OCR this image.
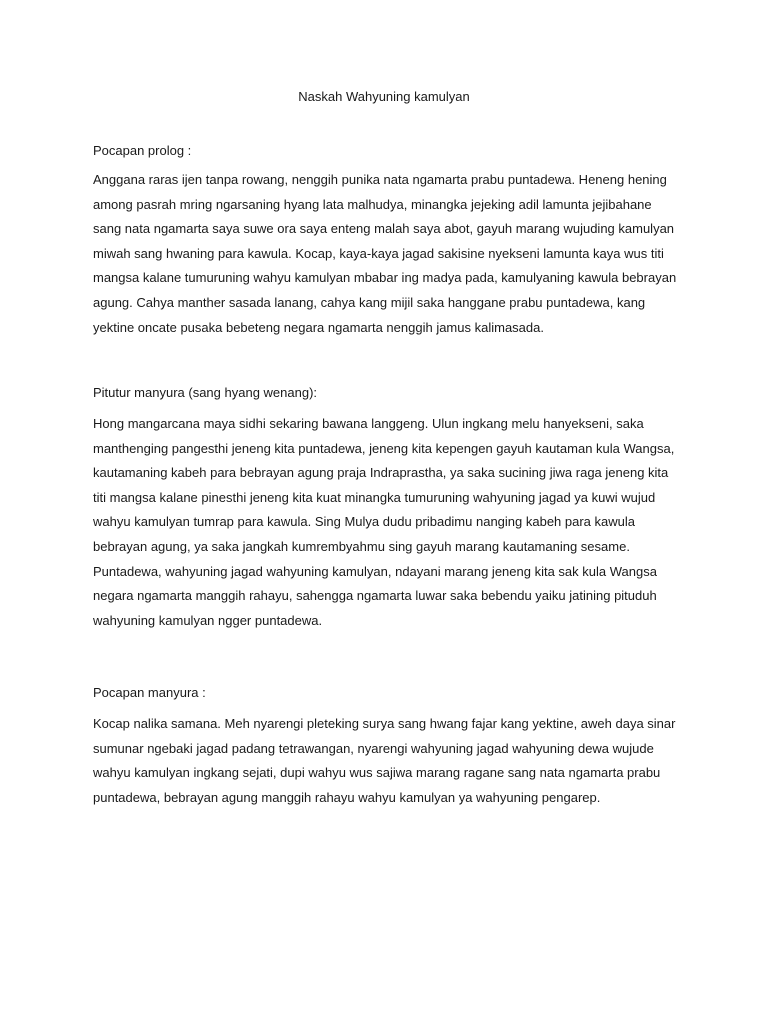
Naskah Wahyuning kamulyan

Pocapan prolog :

Anggana raras ijen tanpa rowang, nenggih punika nata ngamarta prabu puntadewa. Heneng hening among pasrah mring ngarsaning hyang lata malhudya, minangka jejeking adil lamunta jejibahane sang nata ngamarta saya suwe ora saya enteng malah saya abot, gayuh marang wujuding kamulyan miwah sang hwaning para kawula. Kocap, kaya-kaya jagad sakisine nyekseni lamunta kaya wus titi mangsa kalane tumuruning wahyu kamulyan mbabar ing madya pada, kamulyaning kawula bebrayan agung. Cahya manther sasada lanang, cahya kang mijil saka hanggane prabu puntadewa, kang yektine oncate pusaka bebeteng negara ngamarta nenggih jamus kalimasada.

Pitutur manyura (sang hyang wenang):

Hong mangarcana maya sidhi sekaring bawana langgeng. Ulun ingkang melu hanyekseni, saka manthenging pangesthi jeneng kita puntadewa, jeneng kita kepengen gayuh kautaman kula Wangsa, kautamaning kabeh para bebrayan agung praja Indraprastha, ya saka sucining jiwa raga jeneng kita titi mangsa kalane pinesthi jeneng kita kuat minangka tumuruning wahyuning jagad ya kuwi wujud wahyu kamulyan tumrap para kawula. Sing Mulya dudu pribadimu nanging kabeh para kawula bebrayan agung, ya saka jangkah kumrembyahmu sing gayuh marang kautamaning sesame. Puntadewa, wahyuning jagad wahyuning kamulyan, ndayani marang jeneng kita sak kula Wangsa negara ngamarta manggih rahayu, sahengga ngamarta luwar saka bebendu yaiku jatining pituduh wahyuning kamulyan ngger puntadewa.

Pocapan manyura :

Kocap nalika samana. Meh nyarengi pleteking surya sang hwang fajar kang yektine, aweh daya sinar sumunar ngebaki jagad padang tetrawangan, nyarengi wahyuning jagad wahyuning dewa wujude wahyu kamulyan ingkang sejati, dupi wahyu wus sajiwa marang ragane sang nata ngamarta prabu puntadewa, bebrayan agung manggih rahayu wahyu kamulyan ya wahyuning pengarep.
